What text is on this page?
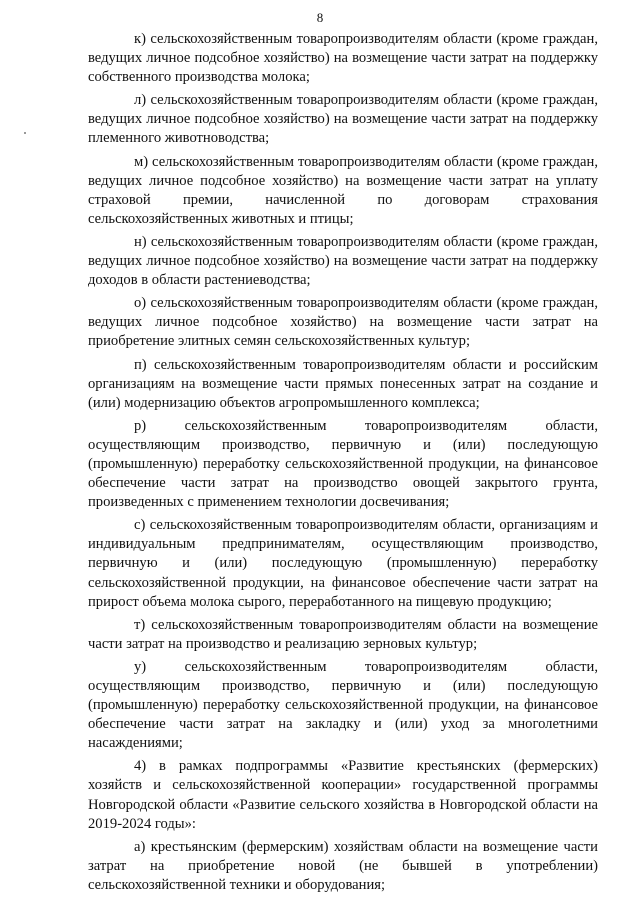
8

к) сельскохозяйственным товаропроизводителям области (кроме граждан, ведущих личное подсобное хозяйство) на возмещение части затрат на поддержку собственного производства молока;

л) сельскохозяйственным товаропроизводителям области (кроме граждан, ведущих личное подсобное хозяйство) на возмещение части затрат на поддержку племенного животноводства;

м) сельскохозяйственным товаропроизводителям области (кроме граждан, ведущих личное подсобное хозяйство) на возмещение части затрат на уплату страховой премии, начисленной по договорам страхования сельскохозяйственных животных и птицы;

н) сельскохозяйственным товаропроизводителям области (кроме граждан, ведущих личное подсобное хозяйство) на возмещение части затрат на поддержку доходов в области растениеводства;

о) сельскохозяйственным товаропроизводителям области (кроме граждан, ведущих личное подсобное хозяйство) на возмещение части затрат на приобретение элитных семян сельскохозяйственных культур;

п) сельскохозяйственным товаропроизводителям области и российским организациям на возмещение части прямых понесенных затрат на создание и (или) модернизацию объектов агропромышленного комплекса;

р) сельскохозяйственным товаропроизводителям области, осуществляющим производство, первичную и (или) последующую (промышленную) переработку сельскохозяйственной продукции, на финансовое обеспечение части затрат на производство овощей закрытого грунта, произведенных с применением технологии досвечивания;

с) сельскохозяйственным товаропроизводителям области, организациям и индивидуальным предпринимателям, осуществляющим производство, первичную и (или) последующую (промышленную) переработку сельскохозяйственной продукции, на финансовое обеспечение части затрат на прирост объема молока сырого, переработанного на пищевую продукцию;

т) сельскохозяйственным товаропроизводителям области на возмещение части затрат на производство и реализацию зерновых культур;

у) сельскохозяйственным товаропроизводителям области, осуществляющим производство, первичную и (или) последующую (промышленную) переработку сельскохозяйственной продукции, на финансовое обеспечение части затрат на закладку и (или) уход за многолетними насаждениями;

4) в рамках подпрограммы «Развитие крестьянских (фермерских) хозяйств и сельскохозяйственной кооперации» государственной программы Новгородской области «Развитие сельского хозяйства в Новгородской области на 2019-2024 годы»:

а) крестьянским (фермерским) хозяйствам области на возмещение части затрат на приобретение новой (не бывшей в употреблении) сельскохозяйственной техники и оборудования;
